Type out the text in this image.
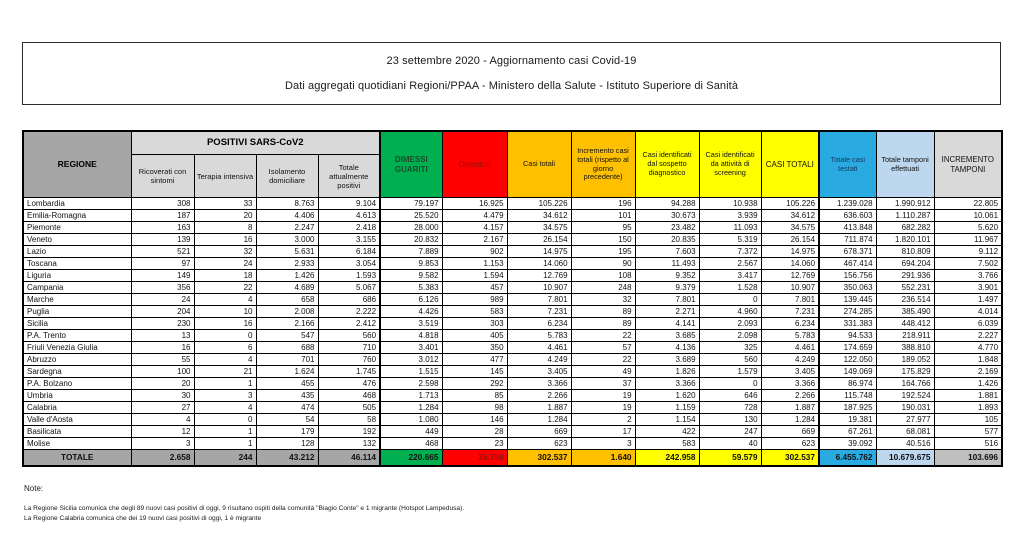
23 settembre 2020 - Aggiornamento casi Covid-19
Dati aggregati quotidiani Regioni/PPAA - Ministero della Salute - Istituto Superiore di Sanità
REGIONE	POSITIVI SARS-CoV2				DIMESSI GUARITI	Deceduti	Casi totali	Incremento casi totali (rispetto al giorno precedente)	Casi identificati dal sospetto diagnostico	Casi identificati da attività di screening	CASI TOTALI	Totale casi testati	Totale tamponi effettuati	INCREMENTO TAMPONI
	Ricoverati con sintomi	Terapia intensiva	Isolamento domiciliare	Totale attualmente positivi										
Lombardia	308	33	8.763	9.104	79.197	16.925	105.226	196	94.288	10.938	105.226	1.239.028	1.990.912	22.805
Emilia-Romagna	187	20	4.406	4.613	25.520	4.479	34.612	101	30.673	3.939	34.612	636.603	1.110.287	10.061
Piemonte	163	8	2.247	2.418	28.000	4.157	34.575	95	23.482	11.093	34.575	413.848	682.282	5.620
Veneto	139	16	3.000	3.155	20.832	2.167	26.154	150	20.835	5.319	26.154	711.874	1.820.101	11.967
Lazio	521	32	5.631	6.184	7.889	902	14.975	195	7.603	7.372	14.975	678.371	810.809	9.112
Toscana	97	24	2.933	3.054	9.853	1.153	14.060	90	11.493	2.567	14.060	467.414	694.204	7.502
Liguria	149	18	1.426	1.593	9.582	1.594	12.769	108	9.352	3.417	12.769	156.756	291.936	3.766
Campania	356	22	4.689	5.067	5.383	457	10.907	248	9.379	1.528	10.907	350.063	552.231	3.901
Marche	24	4	658	686	6.126	989	7.801	32	7.801	0	7.801	139.445	236.514	1.497
Puglia	204	10	2.008	2.222	4.426	583	7.231	89	2.271	4.960	7.231	274.285	385.490	4.014
Sicilia	230	16	2.166	2.412	3.519	303	6.234	89	4.141	2.093	6.234	331.383	448.412	6.039
P.A. Trento	13	0	547	560	4.818	405	5.783	22	3.685	2.098	5.783	94.533	218.911	2.227
Friuli Venezia Giulia	16	6	688	710	3.401	350	4.461	57	4.136	325	4.461	174.659	388.810	4.770
Abruzzo	55	4	701	760	3.012	477	4.249	22	3.689	560	4.249	122.050	189.052	1.848
Sardegna	100	21	1.624	1.745	1.515	145	3.405	49	1.826	1.579	3.405	149.069	175.829	2.169
P.A. Bolzano	20	1	455	476	2.598	292	3.366	37	3.366	0	3.366	86.974	164.766	1.426
Umbria	30	3	435	468	1.713	85	2.266	19	1.620	646	2.266	115.748	192.524	1.881
Calabria	27	4	474	505	1.284	98	1.887	19	1.159	728	1.887	187.925	190.031	1.893
Valle d'Aosta	4	0	54	58	1.080	146	1.284	2	1.154	130	1.284	19.381	27.977	105
Basilicata	12	1	179	192	449	28	669	17	422	247	669	67.261	68.081	577
Molise	3	1	128	132	468	23	623	3	583	40	623	39.092	40.516	516
TOTALE	2.658	244	43.212	46.114	220.665	35.758	302.537	1.640	242.958	59.579	302.537	6.455.762	10.679.675	103.696
Note:
La Regione Sicilia comunica che degli 89 nuovi casi positivi di oggi, 9 risultano ospiti della comunità "Biagio Conte" e 1 migrante (Hotspot Lampedusa).
La Regione Calabria comunica che dei 19 nuovi casi positivi di oggi, 1 è migrante
